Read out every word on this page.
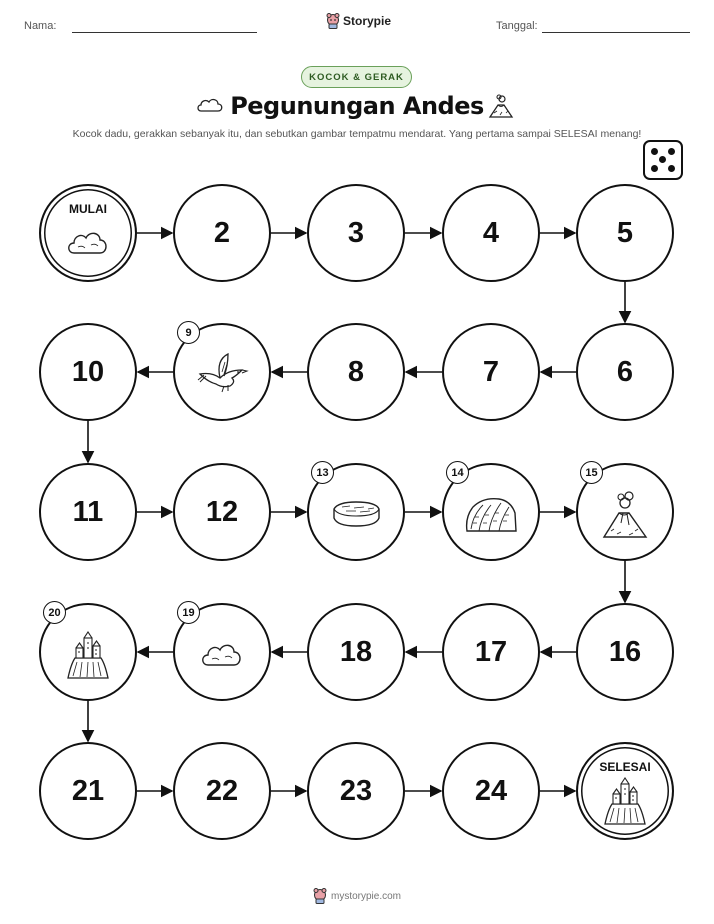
Nama:	Storypie	Tanggal:
KOCOK & GERAK
Pegunungan Andes
Kocok dadu, gerakkan sebanyak itu, dan sebutkan gambar tempatmu mendarat. Yang pertama sampai SELESAI menang!
MULAI
2	3	4	5
6
7
8
9
10
11	12
13	14	15
16
17
18
19
20
21	22	23	24
SELESAI
mystorypie.com
